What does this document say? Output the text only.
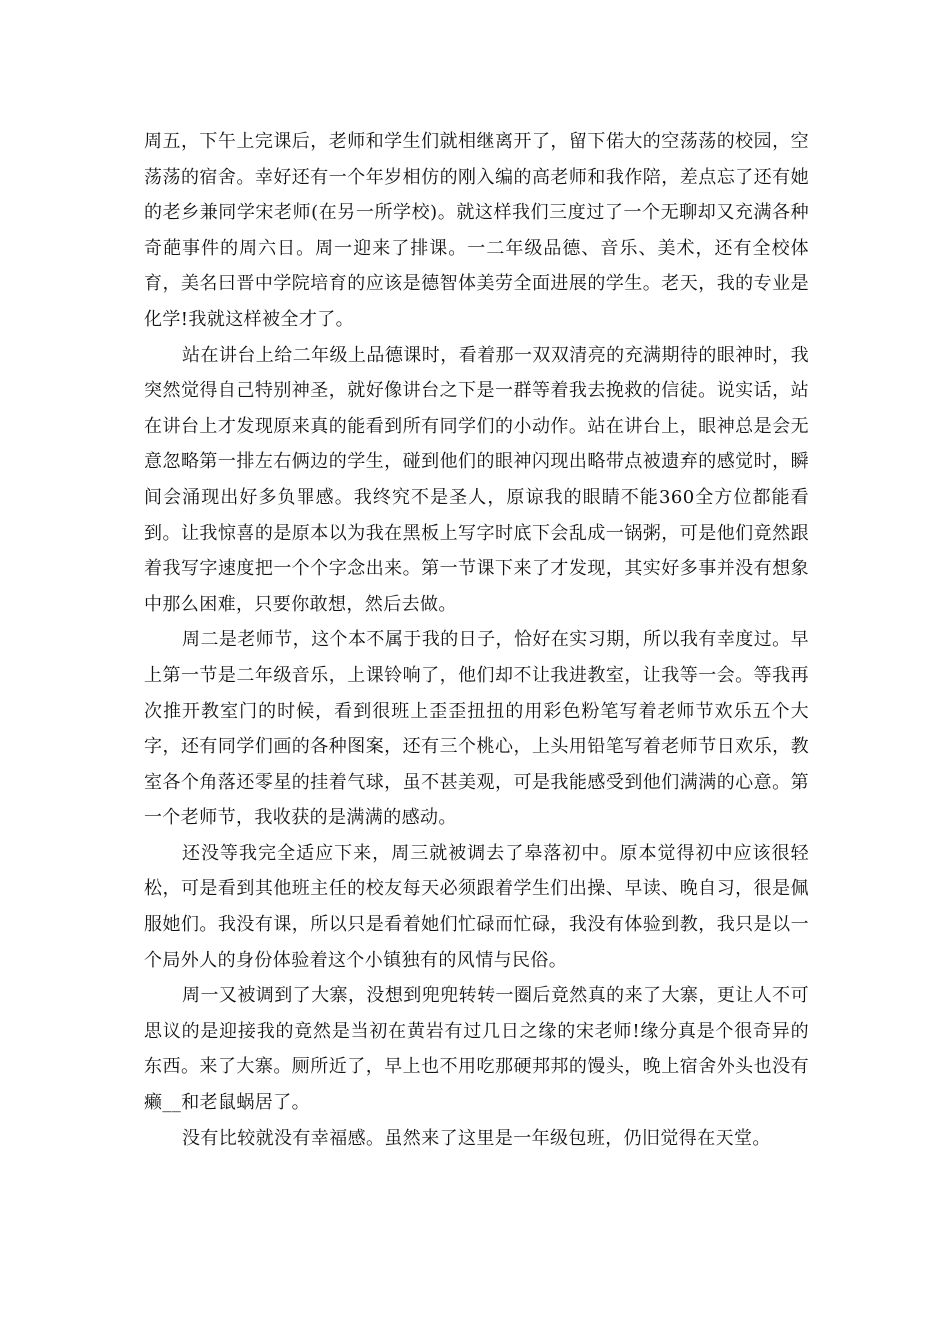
周五，下午上完课后，老师和学生们就相继离开了，留下偌大的空荡荡的校园，空荡荡的宿舍。幸好还有一个年岁相仿的刚入编的高老师和我作陪，差点忘了还有她的老乡兼同学宋老师(在另一所学校)。就这样我们三度过了一个无聊却又充满各种奇葩事件的周六日。周一迎来了排课。一二年级品德、音乐、美术，还有全校体育，美名曰晋中学院培育的应该是德智体美劳全面进展的学生。老天，我的专业是化学!我就这样被全才了。

站在讲台上给二年级上品德课时，看着那一双双清亮的充满期待的眼神时，我突然觉得自己特别神圣，就好像讲台之下是一群等着我去挽救的信徒。说实话，站在讲台上才发现原来真的能看到所有同学们的小动作。站在讲台上，眼神总是会无意忽略第一排左右俩边的学生，碰到他们的眼神闪现出略带点被遗弃的感觉时，瞬间会涌现出好多负罪感。我终究不是圣人，原谅我的眼睛不能360全方位都能看到。让我惊喜的是原本以为我在黑板上写字时底下会乱成一锅粥，可是他们竟然跟着我写字速度把一个个字念出来。第一节课下来了才发现，其实好多事并没有想象中那么困难，只要你敢想，然后去做。

周二是老师节，这个本不属于我的日子，恰好在实习期，所以我有幸度过。早上第一节是二年级音乐，上课铃响了，他们却不让我进教室，让我等一会。等我再次推开教室门的时候，看到很班上歪歪扭扭的用彩色粉笔写着老师节欢乐五个大字，还有同学们画的各种图案，还有三个桃心，上头用铅笔写着老师节日欢乐，教室各个角落还零星的挂着气球，虽不甚美观，可是我能感受到他们满满的心意。第一个老师节，我收获的是满满的感动。

还没等我完全适应下来，周三就被调去了皋落初中。原本觉得初中应该很轻松，可是看到其他班主任的校友每天必须跟着学生们出操、早读、晚自习，很是佩服她们。我没有课，所以只是看着她们忙碌而忙碌，我没有体验到教，我只是以一个局外人的身份体验着这个小镇独有的风情与民俗。

周一又被调到了大寨，没想到兜兜转转一圈后竟然真的来了大寨，更让人不可思议的是迎接我的竟然是当初在黄岩有过几日之缘的宋老师!缘分真是个很奇异的东西。来了大寨。厕所近了，早上也不用吃那硬邦邦的馒头，晚上宿舍外头也没有癞__和老鼠蜗居了。

没有比较就没有幸福感。虽然来了这里是一年级包班，仍旧觉得在天堂。
